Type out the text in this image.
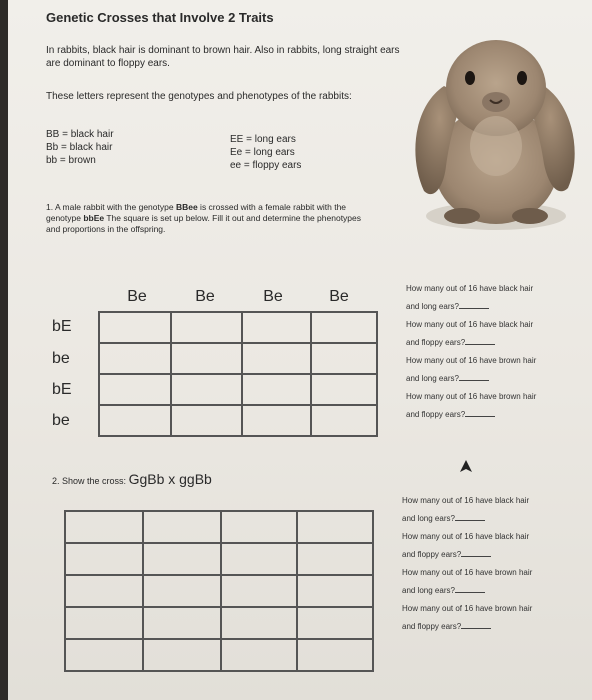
Genetic Crosses that Involve 2 Traits
In rabbits, black hair is dominant to brown hair. Also in rabbits, long straight ears are dominant to floppy ears.
These letters represent the genotypes and phenotypes of the rabbits:
BB = black hair
Bb = black hair
bb = brown
EE = long ears
Ee = long ears
ee = floppy ears
1. A male rabbit with the genotype BBee is crossed with a female rabbit with the genotype bbEe The square is set up below. Fill it out and determine the phenotypes and proportions in the offspring.
Be	Be	Be	Be
bE
be
bE
be

How many out of 16 have black hair
and long ears?
How many out of 16 have black hair
and floppy ears?
How many out of 16 have brown hair
and long ears?
How many out of 16 have brown hair
and floppy ears?
2. Show the cross: GgBb x ggBb

How many out of 16 have black hair
and long ears?
How many out of 16 have black hair
and floppy ears?
How many out of 16 have brown hair
and long ears?
How many out of 16 have brown hair
and floppy ears?
